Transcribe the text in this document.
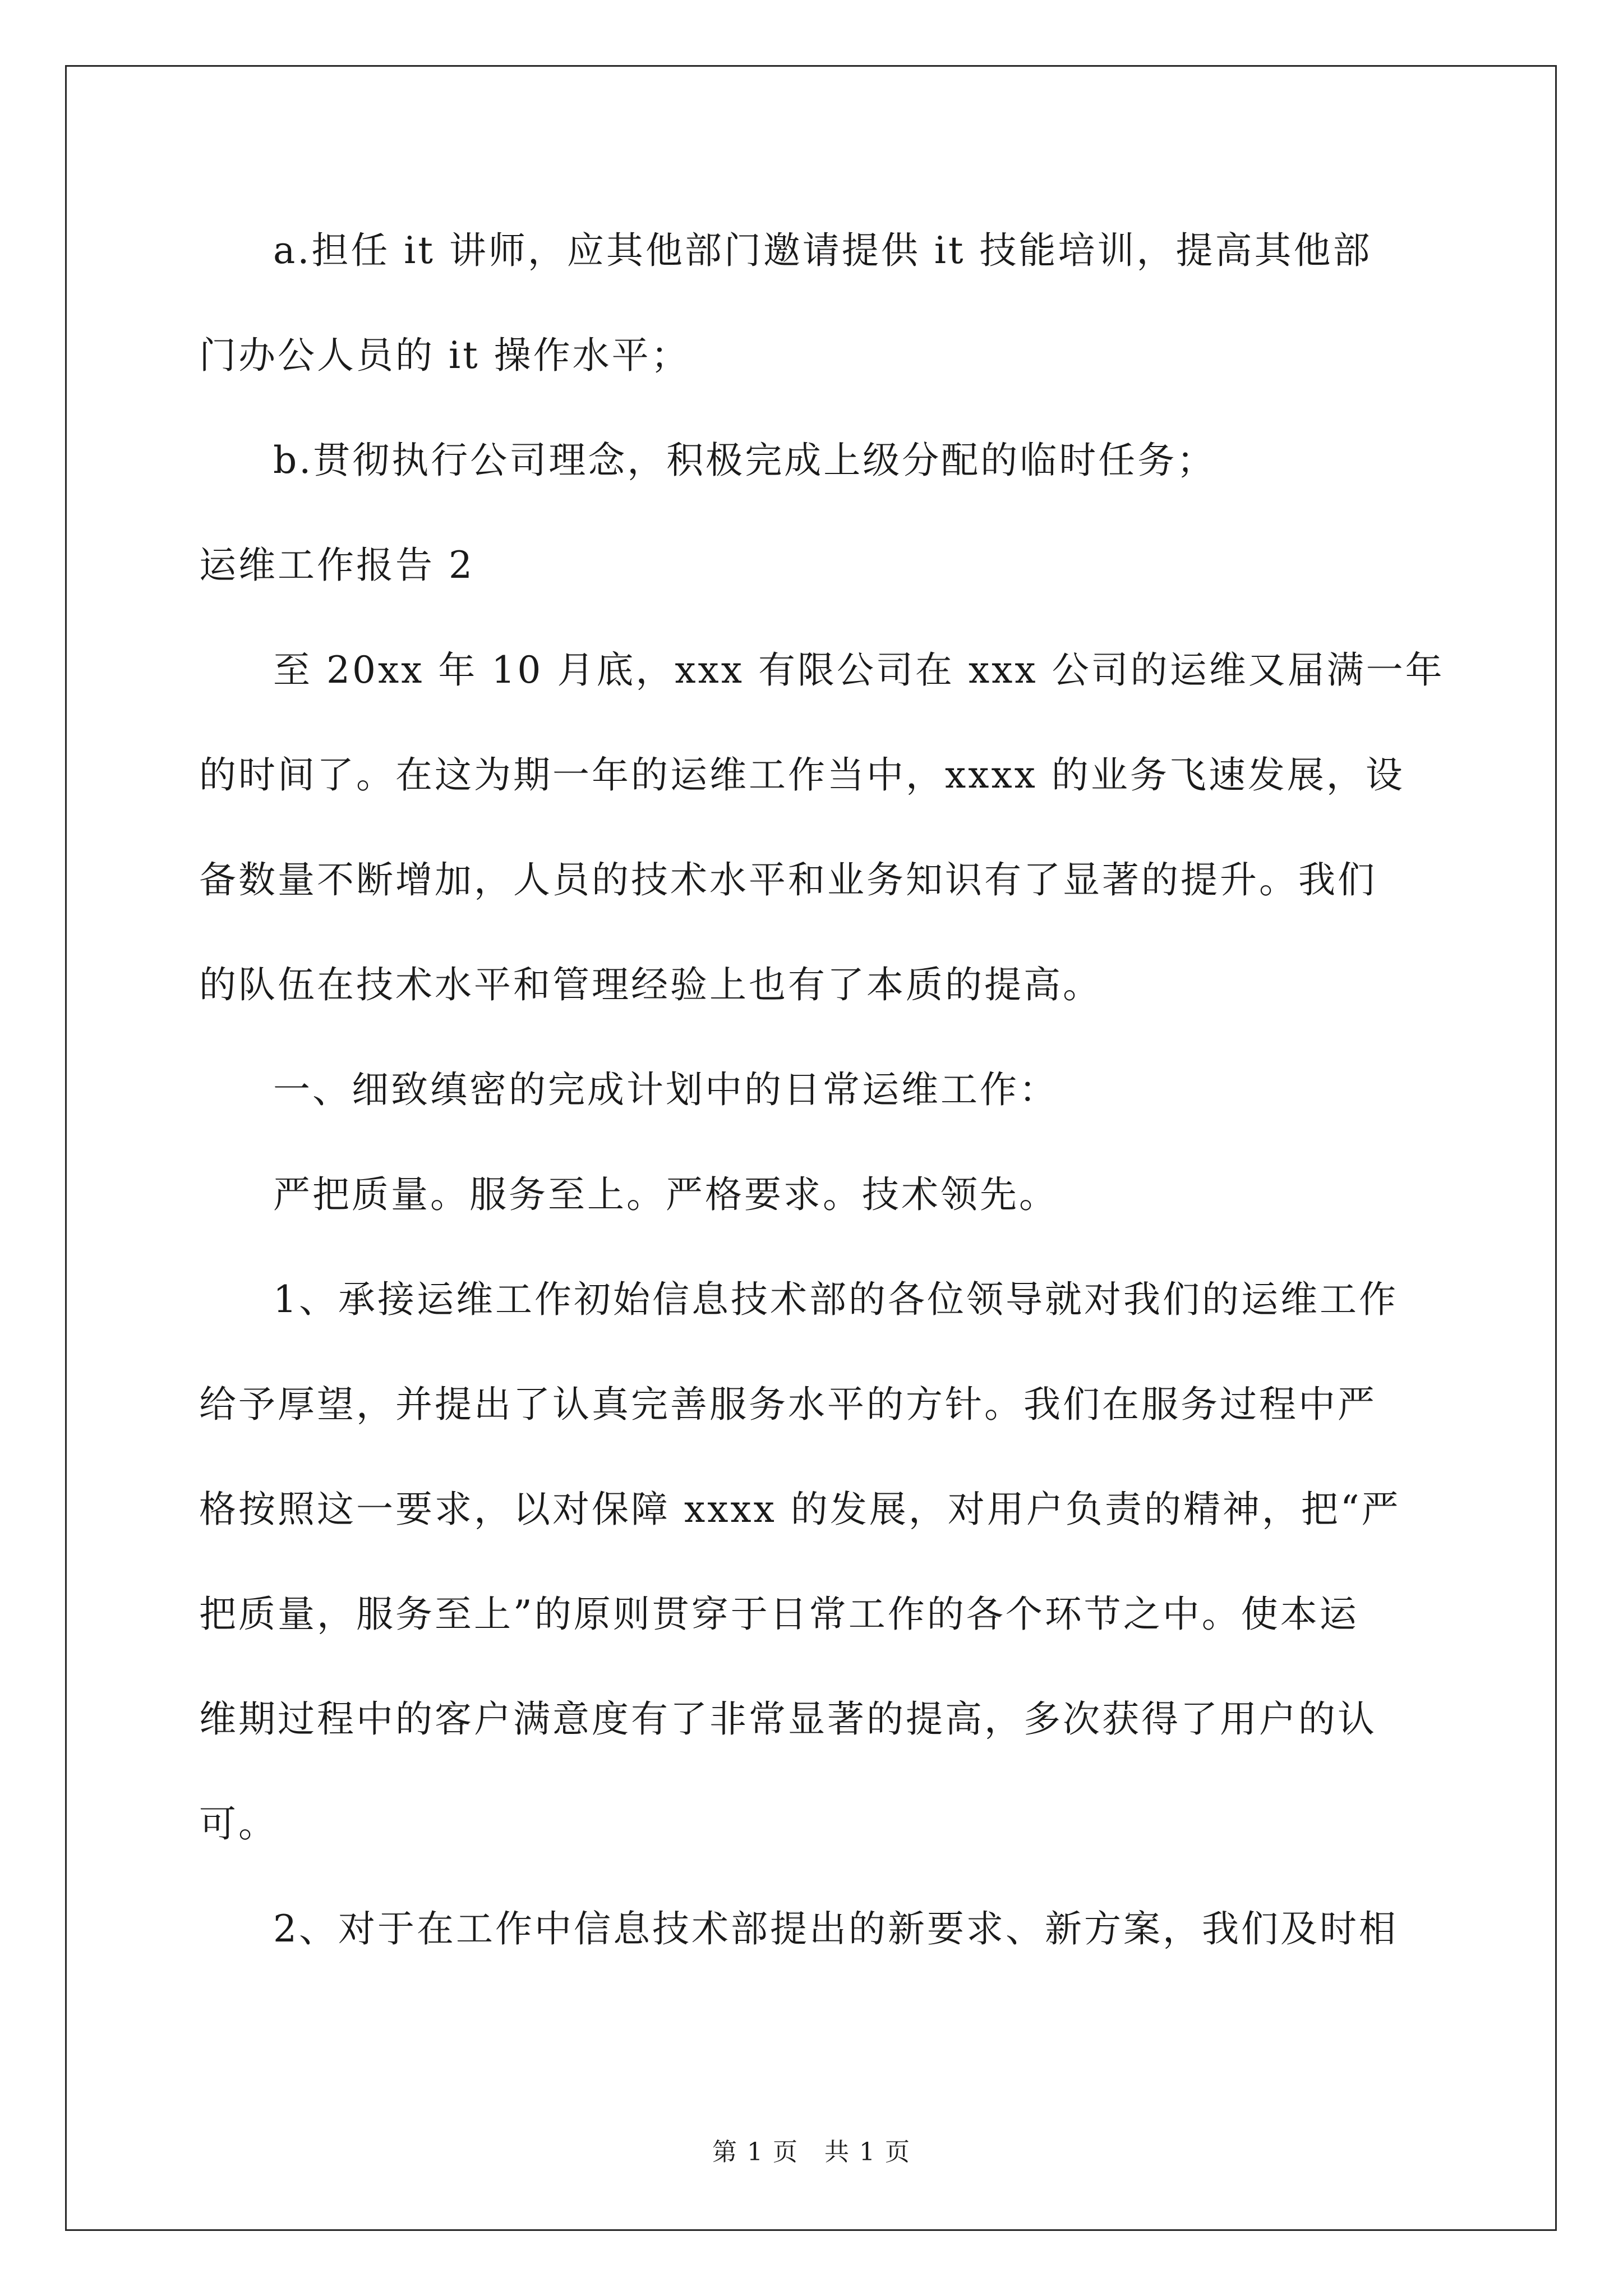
a.担任 it 讲师，应其他部门邀请提供 it 技能培训，提高其他部
门办公人员的 it 操作水平；
b.贯彻执行公司理念，积极完成上级分配的临时任务；
运维工作报告 2
至 20xx 年 10 月底，xxx 有限公司在 xxx 公司的运维又届满一年
的时间了。在这为期一年的运维工作当中，xxxx 的业务飞速发展，设
备数量不断增加，人员的技术水平和业务知识有了显著的提升。我们
的队伍在技术水平和管理经验上也有了本质的提高。
一、细致缜密的完成计划中的日常运维工作：
严把质量。服务至上。严格要求。技术领先。
1、承接运维工作初始信息技术部的各位领导就对我们的运维工作
给予厚望，并提出了认真完善服务水平的方针。我们在服务过程中严
格按照这一要求，以对保障 xxxx 的发展，对用户负责的精神，把“严
把质量，服务至上”的原则贯穿于日常工作的各个环节之中。使本运
维期过程中的客户满意度有了非常显著的提高，多次获得了用户的认
可。
2、对于在工作中信息技术部提出的新要求、新方案，我们及时相
第 1 页　共 1 页
